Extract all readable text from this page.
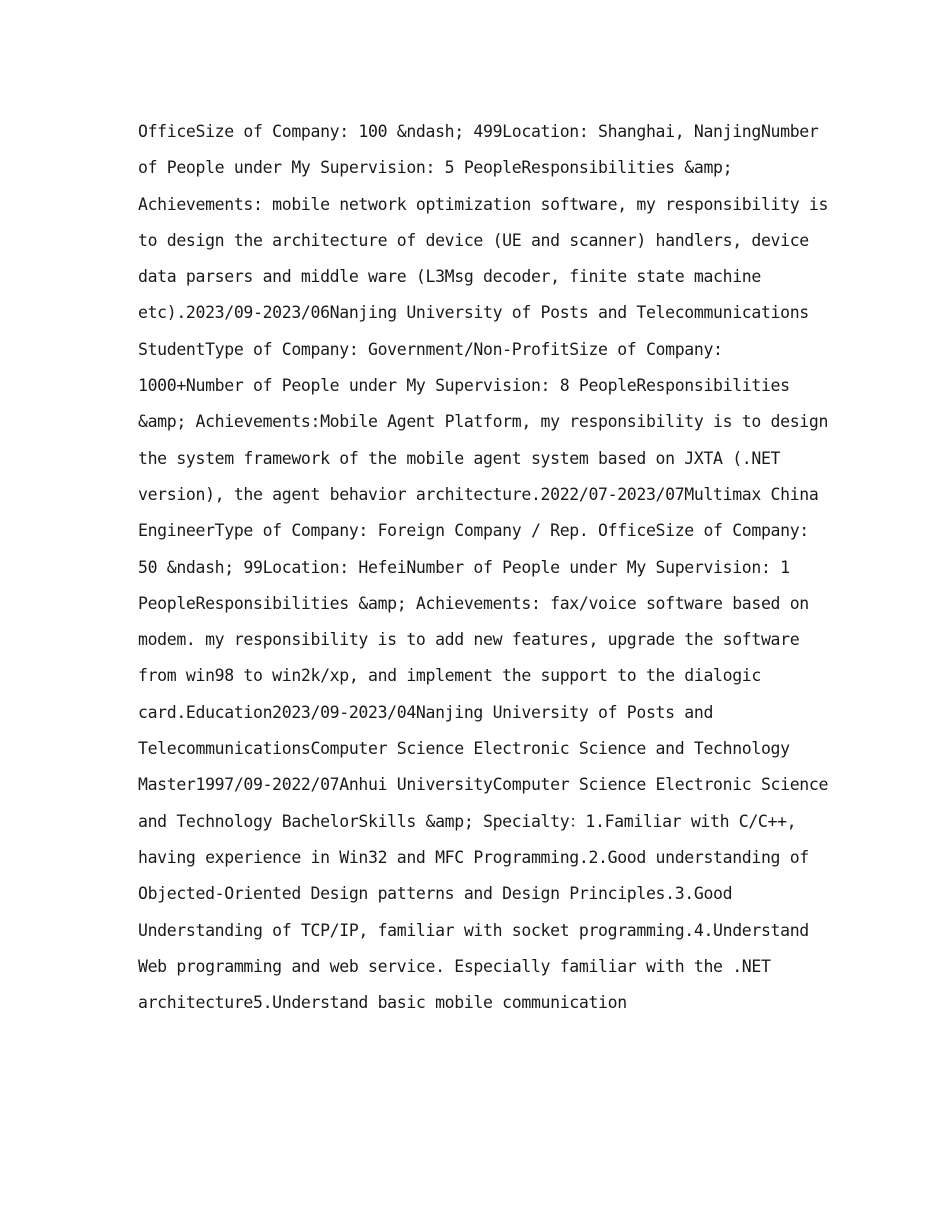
OfficeSize of Company: 100 &ndash; 499Location: Shanghai, NanjingNumber
of People under My Supervision: 5 PeopleResponsibilities &amp;
Achievements: mobile network optimization software, my responsibility is
to design the architecture of device (UE and scanner) handlers, device
data parsers and middle ware (L3Msg decoder, finite state machine
etc).2023/09-2023/06Nanjing University of Posts and Telecommunications
StudentType of Company: Government/Non-ProfitSize of Company:
1000+Number of People under My Supervision: 8 PeopleResponsibilities
&amp; Achievements:Mobile Agent Platform, my responsibility is to design
the system framework of the mobile agent system based on JXTA (.NET
version), the agent behavior architecture.2022/07-2023/07Multimax China
EngineerType of Company: Foreign Company / Rep. OfficeSize of Company:
50 &ndash; 99Location: HefeiNumber of People under My Supervision: 1
PeopleResponsibilities &amp; Achievements: fax/voice software based on
modem. my responsibility is to add new features, upgrade the software
from win98 to win2k/xp, and implement the support to the dialogic
card.Education2023/09-2023/04Nanjing University of Posts and
TelecommunicationsComputer Science Electronic Science and Technology
Master1997/09-2022/07Anhui UniversityComputer Science Electronic Science
and Technology BachelorSkills &amp; Specialty：1.Familiar with C/C++,
having experience in Win32 and MFC Programming.2.Good understanding of
Objected-Oriented Design patterns and Design Principles.3.Good
Understanding of TCP/IP, familiar with socket programming.4.Understand
Web programming and web service. Especially familiar with the .NET
architecture5.Understand basic mobile communication
